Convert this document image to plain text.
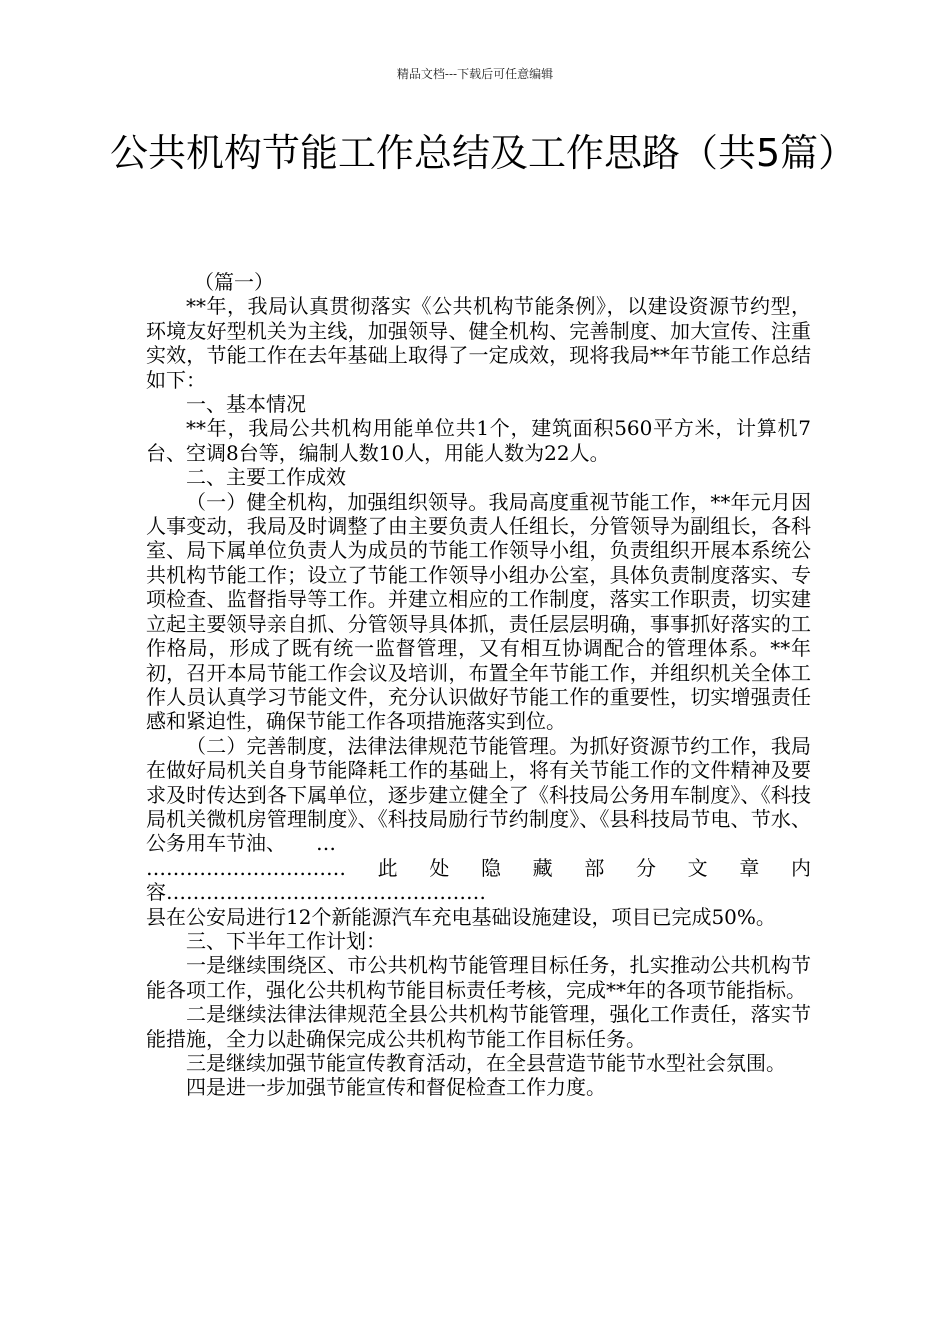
精品文档---下载后可任意编辑
公共机构节能工作总结及工作思路（共5篇）

（篇一）

**年，我局认真贯彻落实《公共机构节能条例》，以建设资源节约型，环境友好型机关为主线，加强领导、健全机构、完善制度、加大宣传、注重实效，节能工作在去年基础上取得了一定成效，现将我局**年节能工作总结如下：

一、基本情况

**年，我局公共机构用能单位共1个，建筑面积560平方米，计算机7台、空调8台等，编制人数10人，用能人数为22人。

二、主要工作成效

（一）健全机构，加强组织领导。我局高度重视节能工作，**年元月因人事变动，我局及时调整了由主要负责人任组长，分管领导为副组长，各科室、局下属单位负责人为成员的节能工作领导小组，负责组织开展本系统公共机构节能工作；设立了节能工作领导小组办公室，具体负责制度落实、专项检查、监督指导等工作。并建立相应的工作制度，落实工作职责，切实建立起主要领导亲自抓、分管领导具体抓，责任层层明确，事事抓好落实的工作格局，形成了既有统一监督管理，又有相互协调配合的管理体系。**年初，召开本局节能工作会议及培训，布置全年节能工作，并组织机关全体工作人员认真学习节能文件，充分认识做好节能工作的重要性，切实增强责任感和紧迫性，确保节能工作各项措施落实到位。

（二）完善制度，法律法律规范节能管理。为抓好资源节约工作，我局在做好局机关自身节能降耗工作的基础上，将有关节能工作的文件精神及要求及时传达到各下属单位，逐步建立健全了《科技局公务用车制度》、《科技局机关微机房管理制度》、《科技局励行节约制度》、《县科技局节电、节水、公务用车节油、　　…

…………………………此处隐藏部分文章内容…………………………………………

县在公安局进行12个新能源汽车充电基础设施建设，项目已完成50%。

三、下半年工作计划：

一是继续围绕区、市公共机构节能管理目标任务，扎实推动公共机构节能各项工作，强化公共机构节能目标责任考核，完成**年的各项节能指标。

二是继续法律法律规范全县公共机构节能管理，强化工作责任，落实节能措施，全力以赴确保完成公共机构节能工作目标任务。

三是继续加强节能宣传教育活动，在全县营造节能节水型社会氛围。

四是进一步加强节能宣传和督促检查工作力度。
